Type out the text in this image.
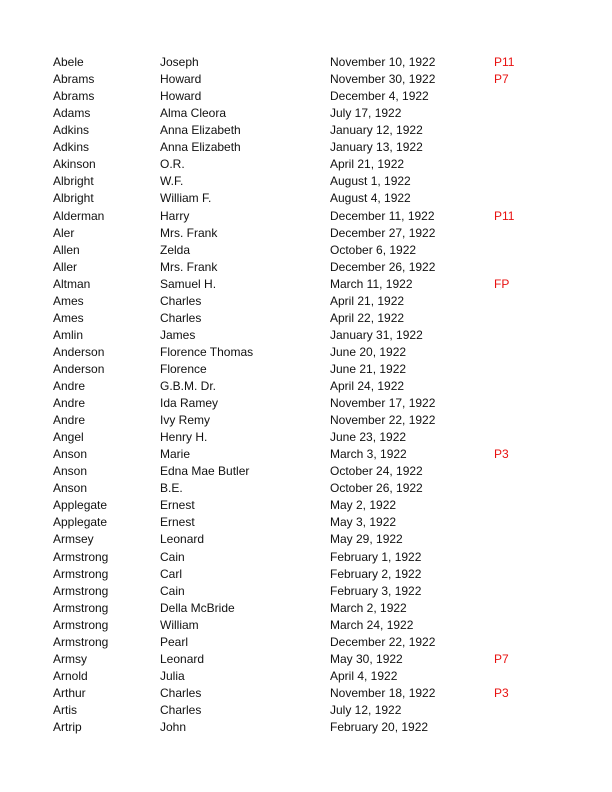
Abele	Joseph	November 10, 1922	P11
Abrams	Howard	November 30, 1922	P7
Abrams	Howard	December 4, 1922
Adams	Alma Cleora	July 17, 1922
Adkins	Anna Elizabeth	January 12, 1922
Adkins	Anna Elizabeth	January 13, 1922
Akinson	O.R.	April 21, 1922
Albright	W.F.	August 1, 1922
Albright	William F.	August 4, 1922
Alderman	Harry	December 11, 1922	P11
Aler	Mrs. Frank	December 27, 1922
Allen	Zelda	October 6, 1922
Aller	Mrs. Frank	December 26, 1922
Altman	Samuel H.	March 11, 1922	FP
Ames	Charles	April 21, 1922
Ames	Charles	April 22, 1922
Amlin	James	January 31, 1922
Anderson	Florence Thomas	June 20, 1922
Anderson	Florence	June 21, 1922
Andre	G.B.M. Dr.	April 24, 1922
Andre	Ida Ramey	November 17, 1922
Andre	Ivy Remy	November 22, 1922
Angel	Henry H.	June 23, 1922
Anson	Marie	March 3, 1922	P3
Anson	Edna Mae Butler	October 24, 1922
Anson	B.E.	October 26, 1922
Applegate	Ernest	May 2, 1922
Applegate	Ernest	May 3, 1922
Armsey	Leonard	May 29, 1922
Armstrong	Cain	February 1, 1922
Armstrong	Carl	February 2, 1922
Armstrong	Cain	February 3, 1922
Armstrong	Della McBride	March 2, 1922
Armstrong	William	March 24, 1922
Armstrong	Pearl	December 22, 1922
Armsy	Leonard	May 30, 1922	P7
Arnold	Julia	April 4, 1922
Arthur	Charles	November 18, 1922	P3
Artis	Charles	July 12, 1922
Artrip	John	February 20, 1922
